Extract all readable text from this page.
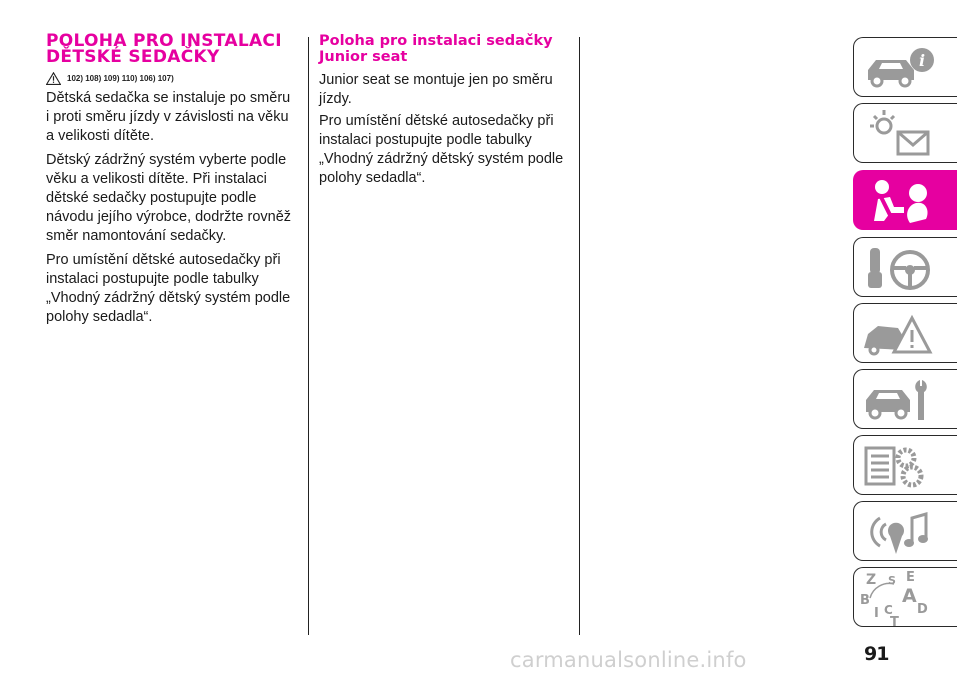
POLOHA PRO INSTALACI
DĚTSKÉ SEDAČKY
102) 108) 109) 110) 106) 107)

Dětská sedačka se instaluje po směru i proti směru jízdy v závislosti na věku a velikosti dítěte.

Dětský zádržný systém vyberte podle věku a velikosti dítěte. Při instalaci dětské sedačky postupujte podle návodu jejího výrobce, dodržte rovněž směr namontování sedačky.

Pro umístění dětské autosedačky při instalaci postupujte podle tabulky „Vhodný zádržný dětský systém podle polohy sedadla“.

Poloha pro instalaci sedačky
Junior seat

Junior seat se montuje jen po směru jízdy.

Pro umístění dětské autosedačky při instalaci postupujte podle tabulky „Vhodný zádržný dětský systém podle polohy sedadla“.

i
Z S E
B A
I C D
T
carmanualsonline.info	91
